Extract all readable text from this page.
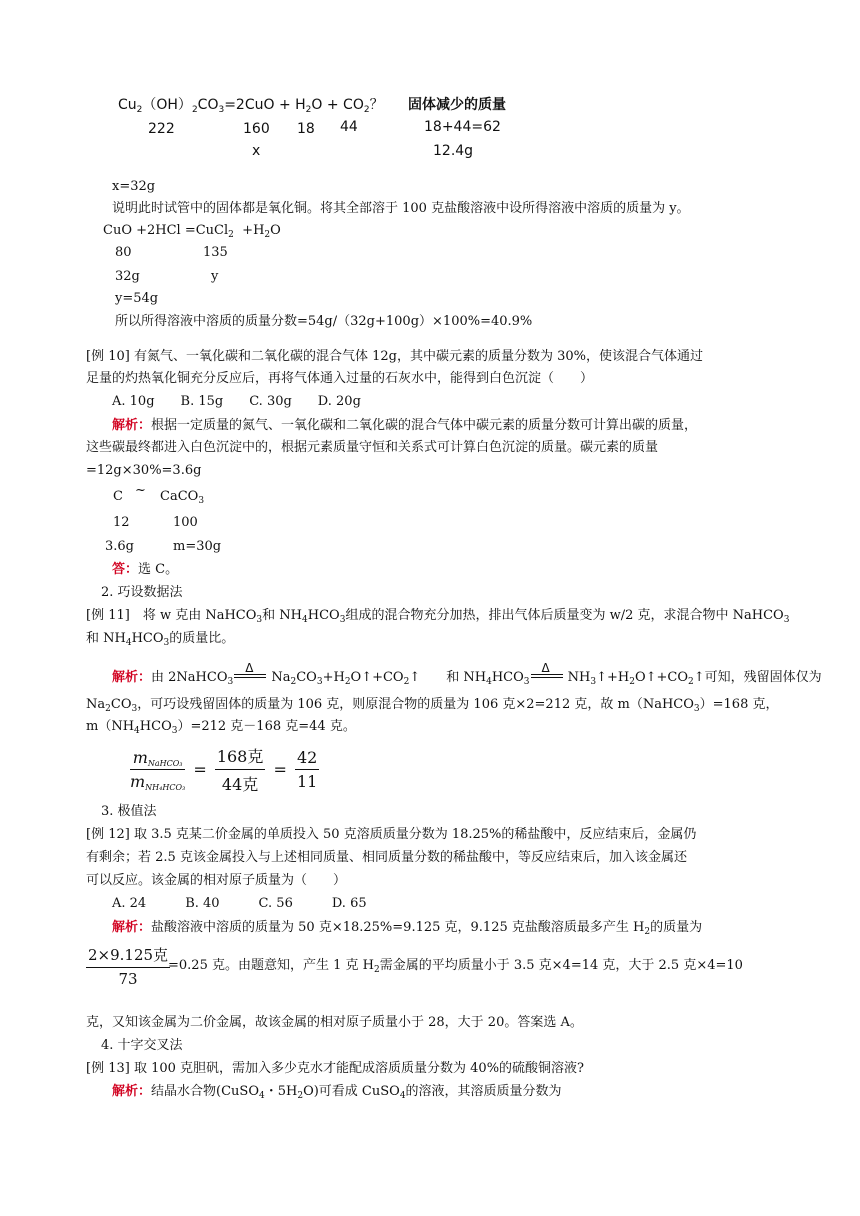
$Cu_2(OH)_2CO_3=2CuO + H_2O + CO_2$？ 固体减少的质量
222	160 18 44	18+44=62
x	12.4g
x=32g
说明此时试管中的固体都是氧化铜。将其全部溶于 100 克盐酸溶液中设所得溶液中溶质的质量为 y。
CuO +2HCl =CuCl$_2$  $+H_2O$
80	135
32g	y
y=54g
所以所得溶液中溶质的质量分数=54g/（32g+100g）×100%=40.9%
[例 10] 有氮气、一氧化碳和二氧化碳的混合气体 12g，其中碳元素的质量分数为 30%，使该混合气体通过
足量的灼热氧化铜充分反应后，再将气体通入过量的石灰水中，能得到白色沉淀（　　）
A. 10g　　B. 15g　　C. 30g　　D. 20g
解析：根据一定质量的氮气、一氧化碳和二氧化碳的混合气体中碳元素的质量分数可计算出碳的质量，
这些碳最终都进入白色沉淀中的，根据元素质量守恒和关系式可计算白色沉淀的质量。碳元素的质量
=12g×30%=3.6g
C ~ CaCO$_3$
12	100
3.6g	m=30g
答：选 C。
2. 巧设数据法
[例 11]　将 w 克由 NaHCO$_3$和 $NH_4HCO_3$组成的混合物充分加热，排出气体后质量变为 w/2 克，求混合物中 NaHCO$_3$
和 $NH_4HCO_3$的质量比。
解析：由 2NaHCO$_3$
Δ
$Na_2CO_3+H_2O↑+CO_2↑$　　和 $NH_4HCO_3$
Δ
$NH_3↑+H_2O↑+CO_2↑$可知，残留固体仅为
$Na_2CO_3$，可巧设残留固体的质量为 106 克，则原混合物的质量为 106 克×2=212 克，故 m（NaHCO$_3$）=168 克，
$m(NH_4HCO_3)=212$ 克－168 克=44 克。
$\frac{m_{NaHCO_3}}{m_{NH_4HCO_3}} = \frac{\text{168克}}{\text{44克}} = \frac{42}{11}$
3. 极值法
[例 12] 取 3.5 克某二价金属的单质投入 50 克溶质质量分数为 18.25%的稀盐酸中，反应结束后，金属仍
有剩余；若 2.5 克该金属投入与上述相同质量、相同质量分数的稀盐酸中，等反应结束后，加入该金属还
可以反应。该金属的相对原子质量为（　　）
A. 24　　　B. 40　　　C. 56　　　D. 65
解析：盐酸溶液中溶质的质量为 50 克×18.25%=9.125 克，9.125 克盐酸溶质最多产生 $H_2$的质量为
$\frac{\text{2×9.125克}}{73}$
=0.25 克。由题意知，产生 1 克 $H_2$需金属的平均质量小于 3.5 克×4=14 克，大于 2.5 克×4=10
克，又知该金属为二价金属，故该金属的相对原子质量小于 28，大于 20。答案选 A。
4. 十字交叉法
[例 13] 取 100 克胆矾，需加入多少克水才能配成溶质质量分数为 40%的硫酸铜溶液?
解析：结晶水合物(CuSO$_4$・$5H_2O$)可看成 CuSO$_4$的溶液，其溶质质量分数为
